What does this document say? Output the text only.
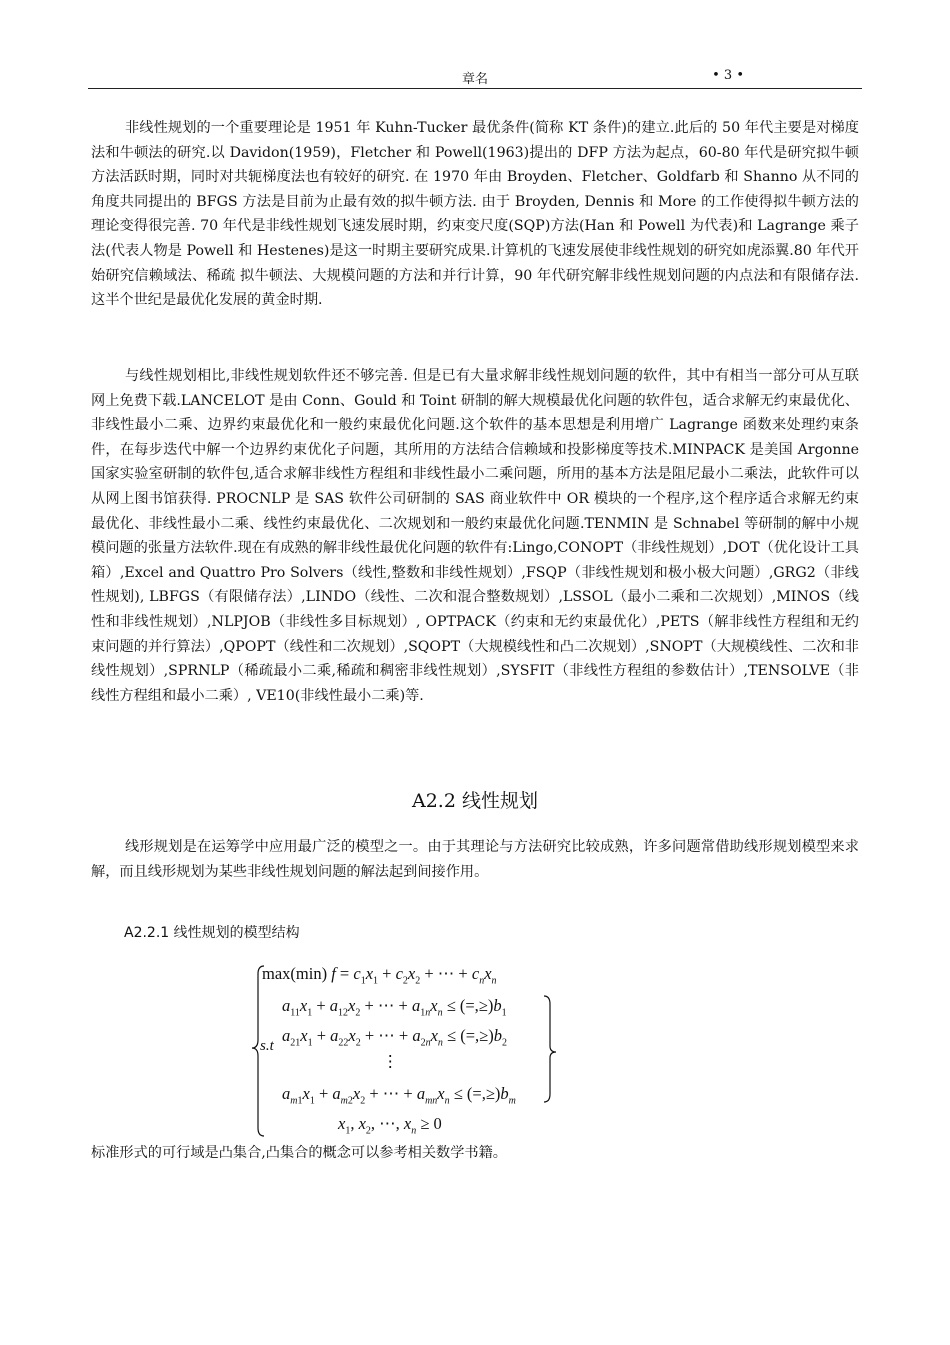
章名	• 3 •

非线性规划的一个重要理论是 1951 年 Kuhn-Tucker 最优条件(简称 KT 条件)的建立.此后的 50 年代主要是对梯度法和牛顿法的研究.以 Davidon(1959)，Fletcher 和 Powell(1963)提出的 DFP 方法为起点，60-80 年代是研究拟牛顿方法活跃时期，同时对共轭梯度法也有较好的研究. 在 1970 年由 Broyden、Fletcher、Goldfarb 和 Shanno 从不同的角度共同提出的 BFGS 方法是目前为止最有效的拟牛顿方法. 由于 Broyden, Dennis 和 More 的工作使得拟牛顿方法的理论变得很完善. 70 年代是非线性规划飞速发展时期，约束变尺度(SQP)方法(Han 和 Powell 为代表)和 Lagrange 乘子法(代表人物是 Powell 和 Hestenes)是这一时期主要研究成果.计算机的飞速发展使非线性规划的研究如虎添翼.80 年代开始研究信赖域法、稀疏 拟牛顿法、大规模问题的方法和并行计算，90 年代研究解非线性规划问题的内点法和有限储存法. 这半个世纪是最优化发展的黄金时期.

与线性规划相比,非线性规划软件还不够完善. 但是已有大量求解非线性规划问题的软件，其中有相当一部分可从互联网上免费下载.LANCELOT 是由 Conn、Gould 和 Toint 研制的解大规模最优化问题的软件包，适合求解无约束最优化、非线性最小二乘、边界约束最优化和一般约束最优化问题.这个软件的基本思想是利用增广 Lagrange 函数来处理约束条件，在每步迭代中解一个边界约束优化子问题，其所用的方法结合信赖域和投影梯度等技术.MINPACK 是美国 Argonne 国家实验室研制的软件包,适合求解非线性方程组和非线性最小二乘问题，所用的基本方法是阻尼最小二乘法，此软件可以从网上图书馆获得. PROCNLP 是 SAS 软件公司研制的 SAS 商业软件中 OR 模块的一个程序,这个程序适合求解无约束最优化、非线性最小二乘、线性约束最优化、二次规划和一般约束最优化问题.TENMIN 是 Schnabel 等研制的解中小规模问题的张量方法软件.现在有成熟的解非线性最优化问题的软件有:Lingo,CONOPT（非线性规划）,DOT（优化设计工具箱）,Excel and Quattro Pro Solvers（线性,整数和非线性规划）,FSQP（非线性规划和极小极大问题）,GRG2（非线性规划), LBFGS（有限储存法）,LINDO（线性、二次和混合整数规划）,LSSOL（最小二乘和二次规划）,MINOS（线性和非线性规划）,NLPJOB（非线性多目标规划）, OPTPACK（约束和无约束最优化）,PETS（解非线性方程组和无约束问题的并行算法）,QPOPT（线性和二次规划）,SQOPT（大规模线性和凸二次规划）,SNOPT（大规模线性、二次和非线性规划）,SPRNLP（稀疏最小二乘,稀疏和稠密非线性规划）,SYSFIT（非线性方程组的参数估计）,TENSOLVE（非线性方程组和最小二乘）, VE10(非线性最小二乘)等.

A2.2 线性规划

线形规划是在运筹学中应用最广泛的模型之一。由于其理论与方法研究比较成熟，许多问题常借助线形规划模型来求解，而且线形规划为某些非线性规划问题的解法起到间接作用。

A2.2.1 线性规划的模型结构
max(min) $f = c_1x_1 + c_2x_2$ + ⋯ + $c_nx_n$
$a_{11}x_1 + a_{12}x_2$ + ⋯ + $a_{1n}x_n \le (=,\ge)b_1$
s.t
$a_{21}x_1 + a_{22}x_2$ + ⋯ + $a_{2n}x_n \le (=,\ge)b_2$
⋮
$a_{m1}x_1 + a_{m2}x_2$ + ⋯ + $a_{mn}x_n \le (=,\ge)b_m$
$x_1$, $x_2$, ⋯, $x_n \ge 0$
标准形式的可行域是凸集合,凸集合的概念可以参考相关数学书籍。
